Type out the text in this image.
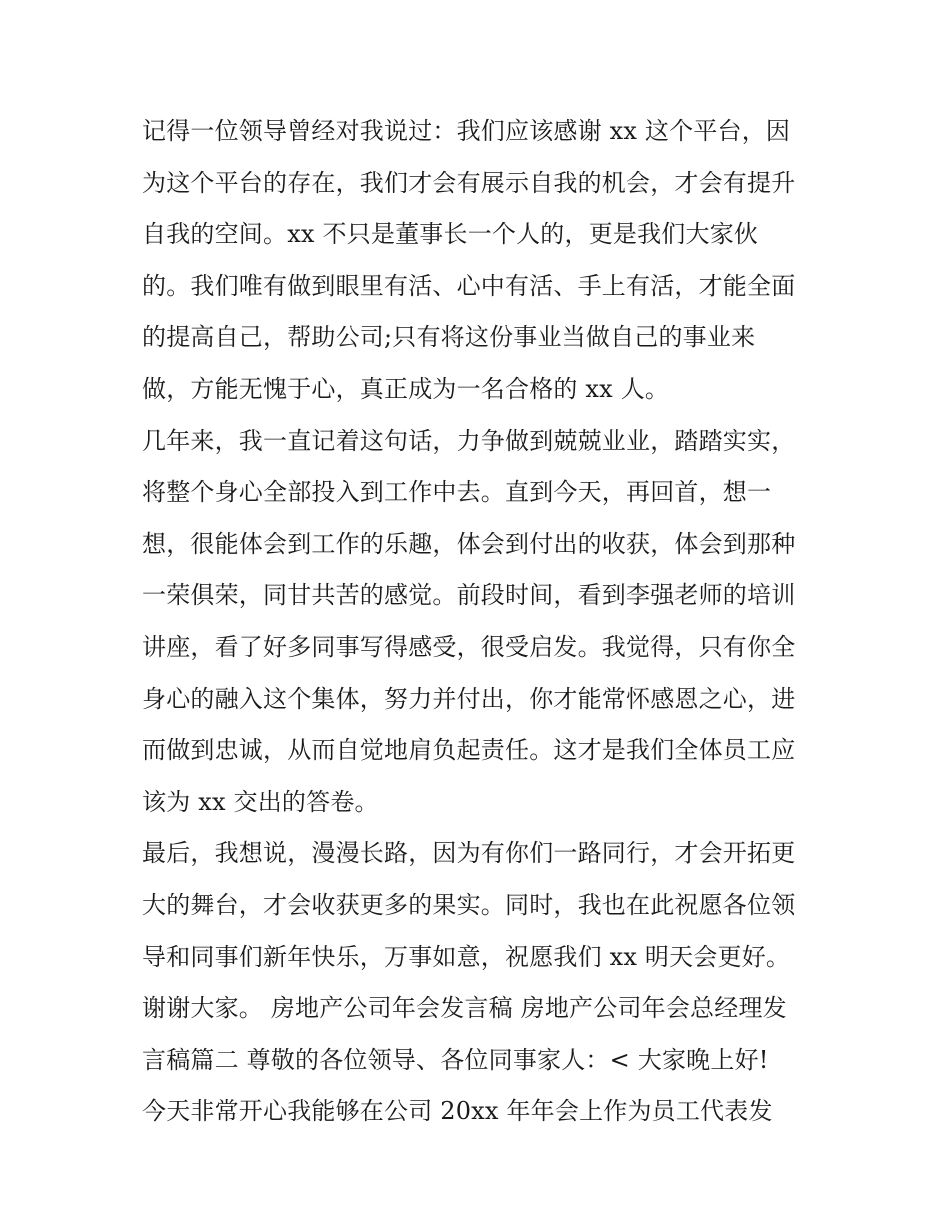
记得一位领导曾经对我说过：我们应该感谢 xx 这个平台，因
为这个平台的存在，我们才会有展示自我的机会，才会有提升
自我的空间。xx 不只是董事长一个人的，更是我们大家伙
的。我们唯有做到眼里有活、心中有活、手上有活，才能全面
的提高自己，帮助公司;只有将这份事业当做自己的事业来
做，方能无愧于心，真正成为一名合格的 xx 人。
几年来，我一直记着这句话，力争做到兢兢业业，踏踏实实，
将整个身心全部投入到工作中去。直到今天，再回首，想一
想，很能体会到工作的乐趣，体会到付出的收获，体会到那种
一荣俱荣，同甘共苦的感觉。前段时间，看到李强老师的培训
讲座，看了好多同事写得感受，很受启发。我觉得，只有你全
身心的融入这个集体，努力并付出，你才能常怀感恩之心，进
而做到忠诚，从而自觉地肩负起责任。这才是我们全体员工应
该为 xx 交出的答卷。
最后，我想说，漫漫长路，因为有你们一路同行，才会开拓更
大的舞台，才会收获更多的果实。同时，我也在此祝愿各位领
导和同事们新年快乐，万事如意，祝愿我们 xx 明天会更好。
谢谢大家。 房地产公司年会发言稿 房地产公司年会总经理发
言稿篇二 尊敬的各位领导、各位同事家人：< 大家晚上好!
今天非常开心我能够在公司 20xx 年年会上作为员工代表发
